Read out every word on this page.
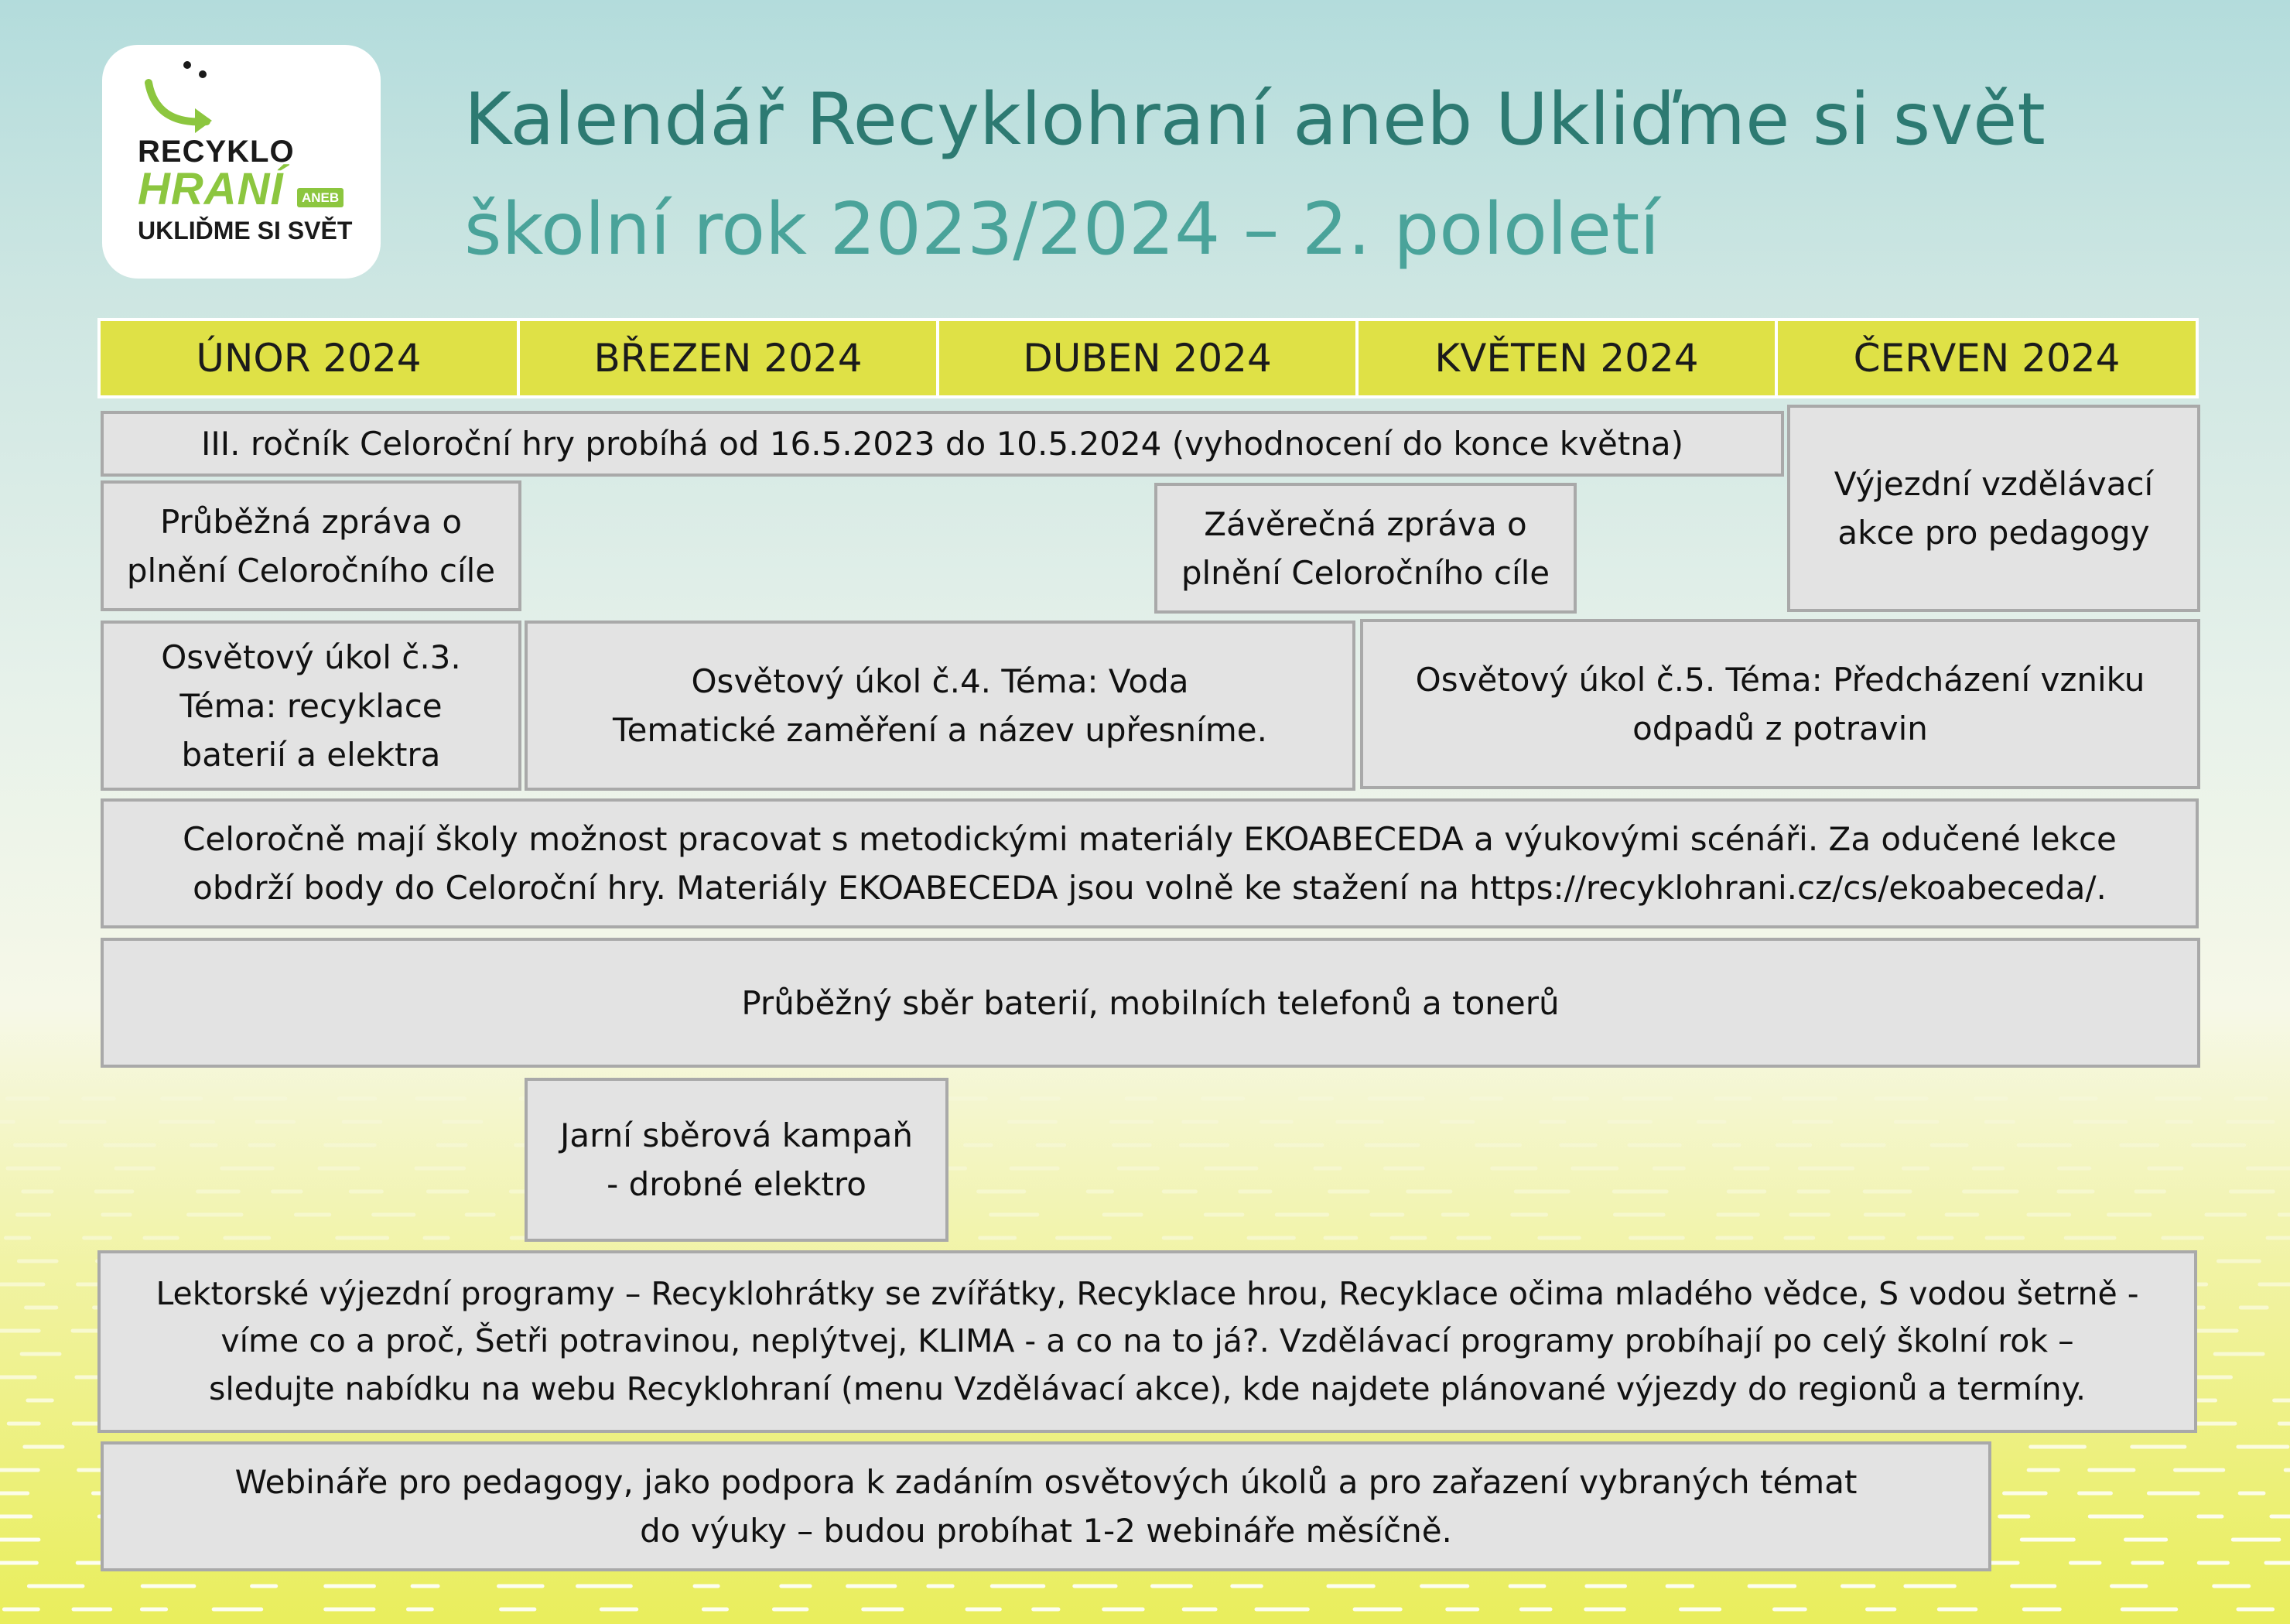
RECYKLO
HRANÍ	ANEB
UKLIĎME SI SVĚT
Kalendář Recyklohraní aneb Ukliďme si svět
školní rok 2023/2024 – 2. pololetí
ÚNOR 2024	BŘEZEN 2024	DUBEN 2024	KVĚTEN 2024	ČERVEN 2024
III. ročník Celoroční hry probíhá od 16.5.2023 do 10.5.2024 (vyhodnocení do konce května)
Výjezdní vzdělávací
akce pro pedagogy
Průběžná zpráva o
plnění Celoročního cíle
Závěrečná zpráva o
plnění Celoročního cíle
Osvětový úkol č.3.
Téma: recyklace
baterií a elektra
Osvětový úkol č.4. Téma: Voda
Tematické zaměření a název upřesníme.
Osvětový úkol č.5. Téma: Předcházení vzniku
odpadů z potravin
Celoročně mají školy možnost pracovat s metodickými materiály EKOABECEDA a výukovými scénáři. Za odučené lekce
obdrží body do Celoroční hry. Materiály EKOABECEDA jsou volně ke stažení na https://recyklohrani.cz/cs/ekoabeceda/.
Průběžný sběr baterií, mobilních telefonů a tonerů
Jarní sběrová kampaň
- drobné elektro
Lektorské výjezdní programy – Recyklohrátky se zvířátky, Recyklace hrou, Recyklace očima mladého vědce, S vodou šetrně -
víme co a proč, Šetři potravinou, neplýtvej, KLIMA - a co na to já?. Vzdělávací programy probíhají po celý školní rok –
sledujte nabídku na webu Recyklohraní (menu Vzdělávací akce), kde najdete plánované výjezdy do regionů a termíny.
Webináře pro pedagogy, jako podpora k zadáním osvětových úkolů a pro zařazení vybraných témat
do výuky – budou probíhat 1-2 webináře měsíčně.
